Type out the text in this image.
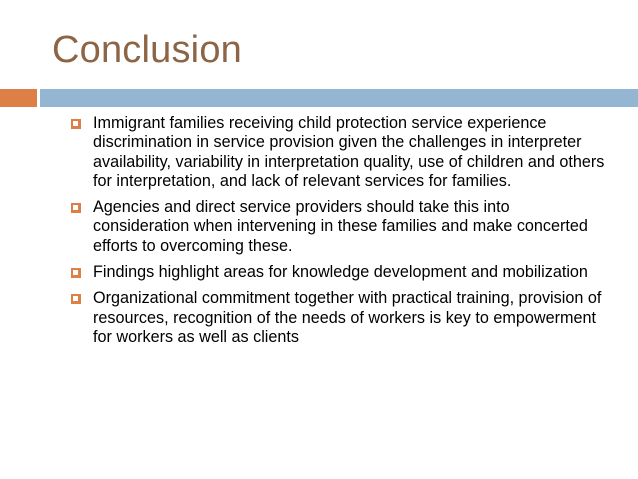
Conclusion
Immigrant families receiving child protection service experience discrimination in service provision given the challenges in interpreter availability, variability in interpretation quality, use of children and others for interpretation, and lack of relevant services for families.
Agencies and direct service providers should take this into consideration when intervening in these families and make concerted efforts to overcoming these.
Findings highlight areas for knowledge development and mobilization
Organizational commitment together with practical training, provision of resources, recognition of the needs of workers is key to empowerment for workers as well as clients
